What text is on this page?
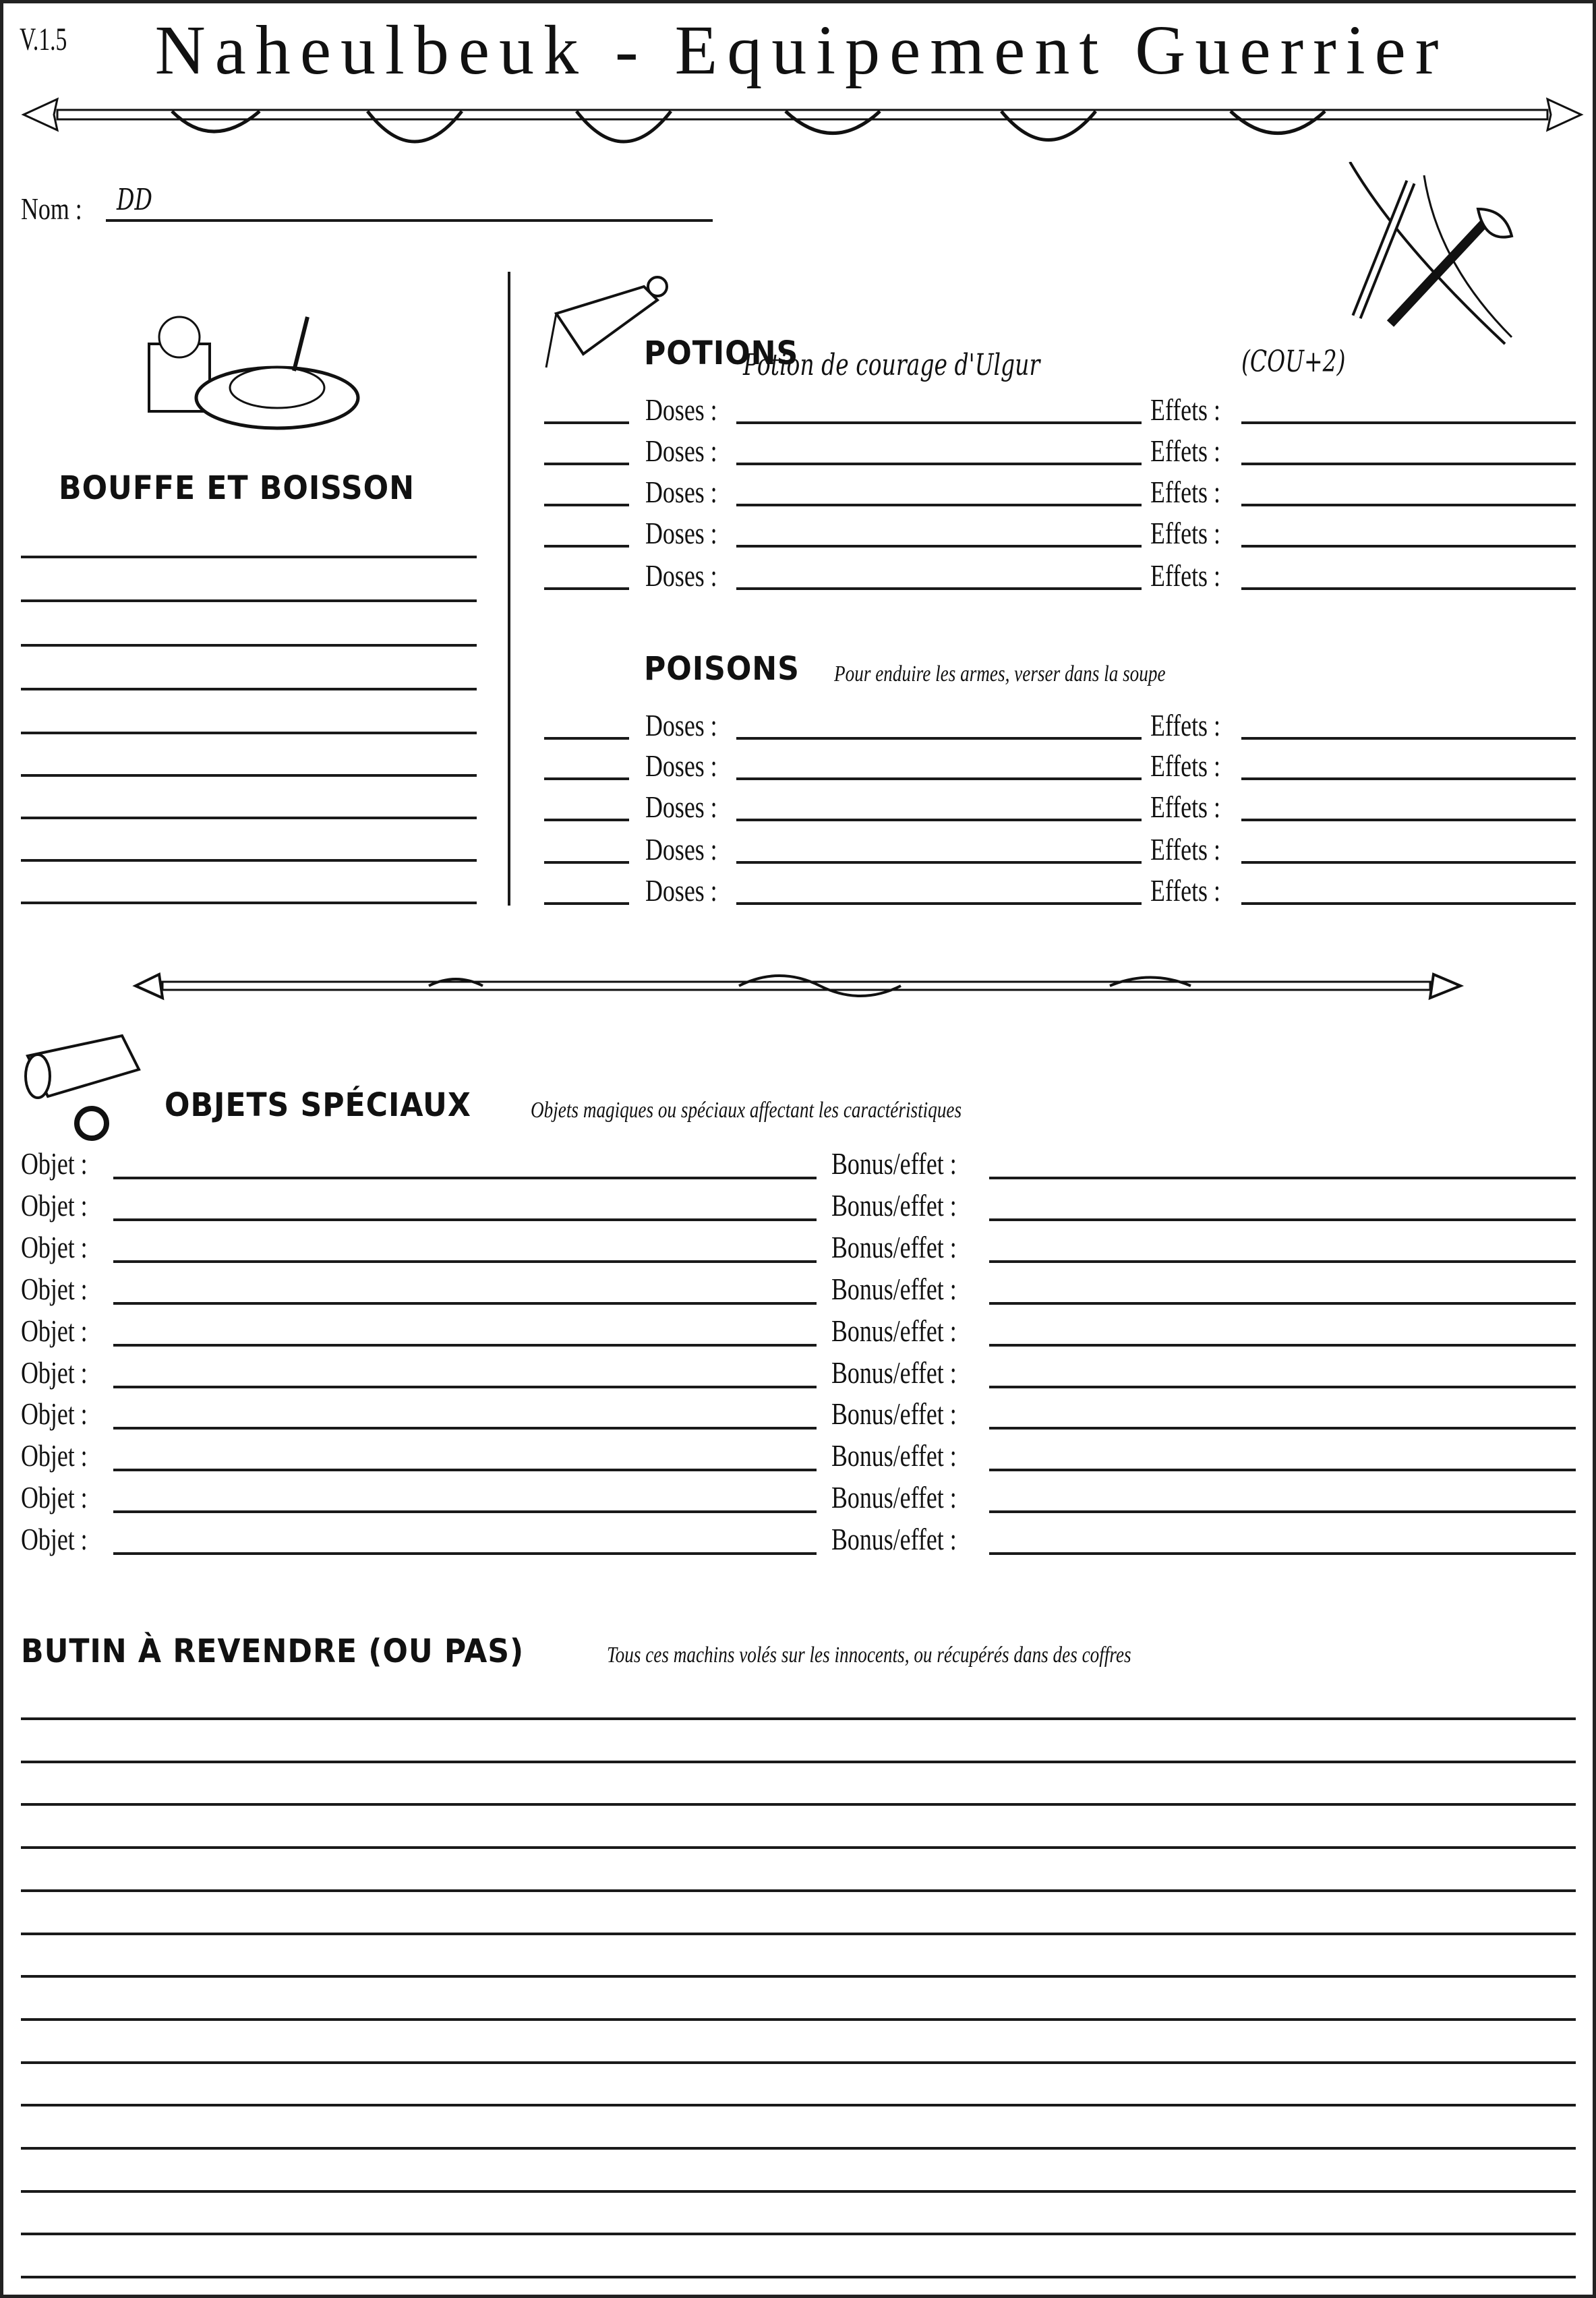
V.1.5	Naheulbeuk - Equipement Guerrier
Nom : DD
BOUFFE ET BOISSON
POTIONS
Potion de courage d'Ulgur	(COU+2)
Doses :	Effets :
Doses :	Effets :
Doses :	Effets :
Doses :	Effets :
Doses :	Effets :
POISONS Pour enduire les armes, verser dans la soupe
Doses :	Effets :
Doses :	Effets :
Doses :	Effets :
Doses :	Effets :
Doses :	Effets :
OBJETS SPÉCIAUX	Objets magiques ou spéciaux affectant les caractéristiques
Objet :	Bonus/effet :
Objet :	Bonus/effet :
Objet :	Bonus/effet :
Objet :	Bonus/effet :
Objet :	Bonus/effet :
Objet :	Bonus/effet :
Objet :	Bonus/effet :
Objet :	Bonus/effet :
Objet :	Bonus/effet :
Objet :	Bonus/effet :
BUTIN À REVENDRE (OU PAS)	Tous ces machins volés sur les innocents, ou récupérés dans des coffres
